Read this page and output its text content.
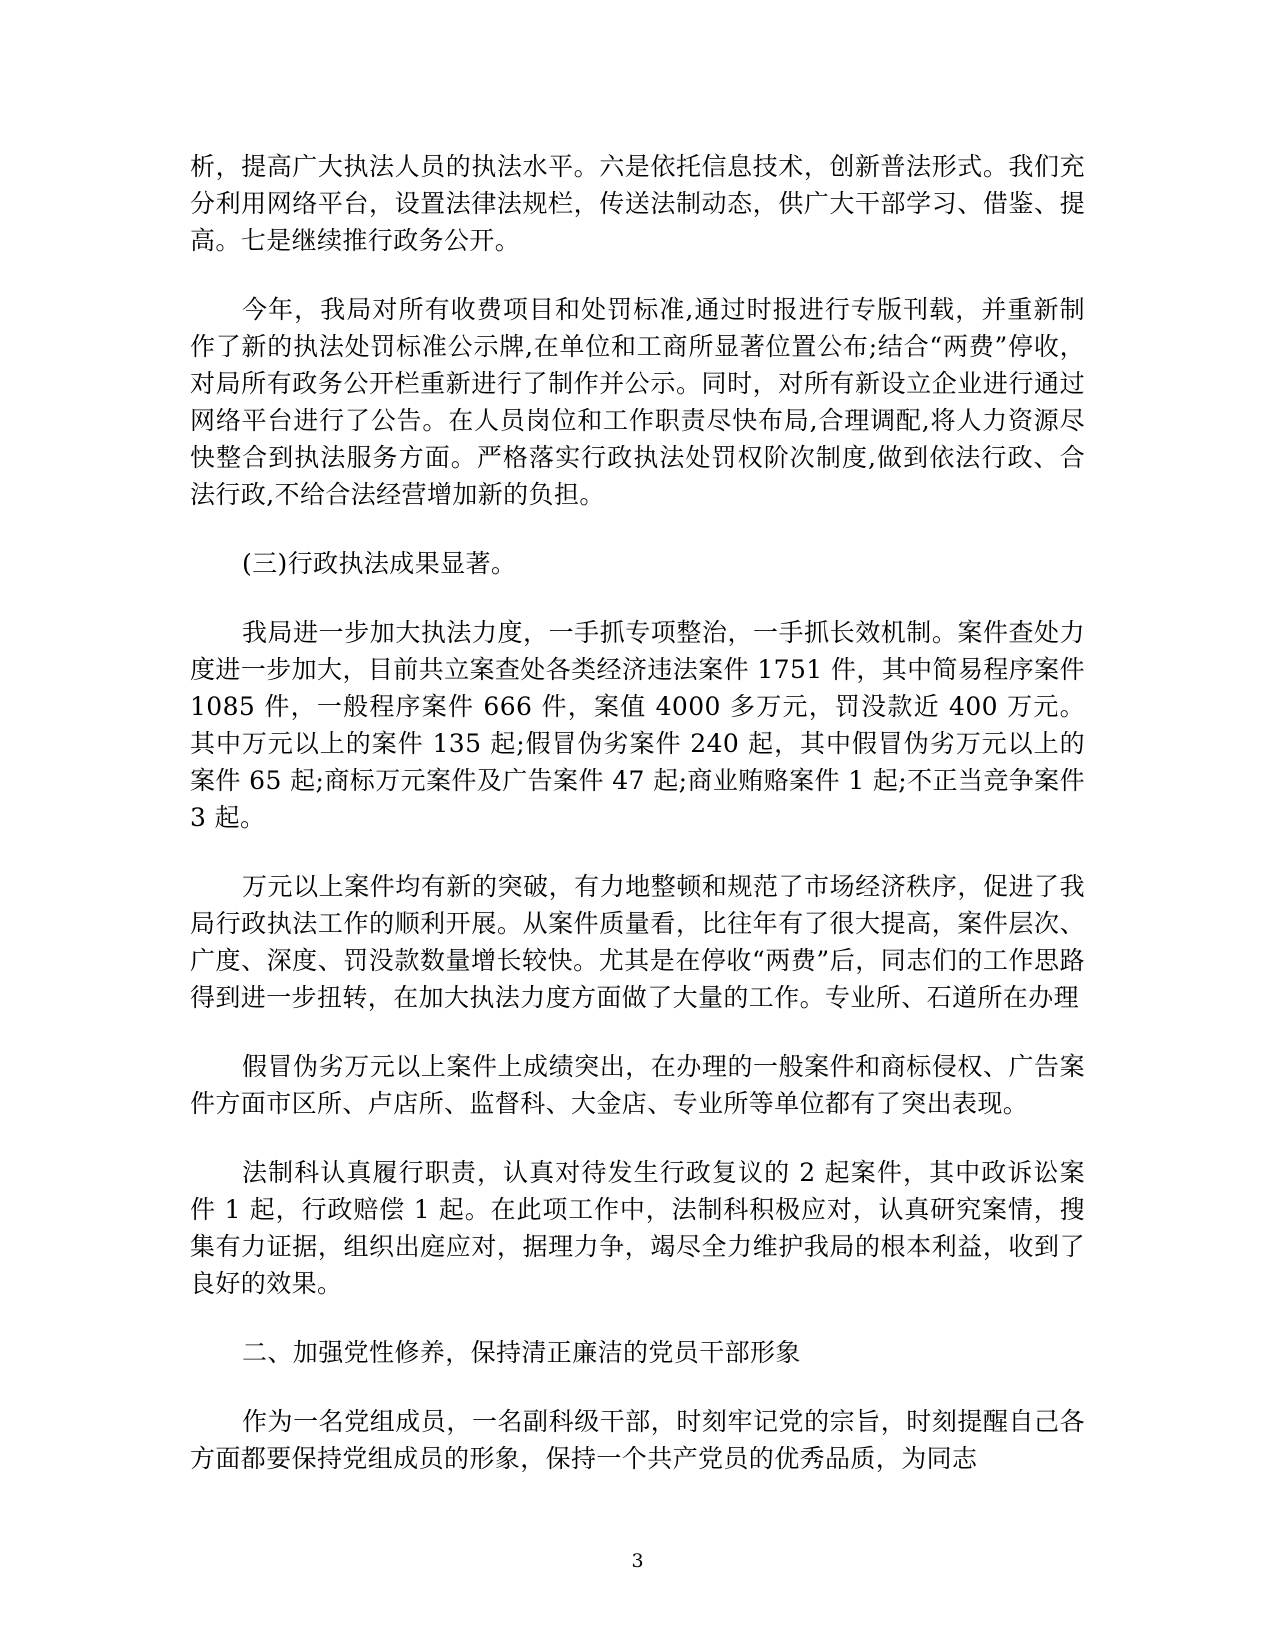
析，提高广大执法人员的执法水平。六是依托信息技术，创新普法形式。我们充分利用网络平台，设置法律法规栏，传送法制动态，供广大干部学习、借鉴、提高。七是继续推行政务公开。

今年，我局对所有收费项目和处罚标准,通过时报进行专版刊载，并重新制作了新的执法处罚标准公示牌,在单位和工商所显著位置公布;结合“两费”停收，对局所有政务公开栏重新进行了制作并公示。同时，对所有新设立企业进行通过网络平台进行了公告。在人员岗位和工作职责尽快布局,合理调配,将人力资源尽快整合到执法服务方面。严格落实行政执法处罚权阶次制度,做到依法行政、合法行政,不给合法经营增加新的负担。

(三)行政执法成果显著。

我局进一步加大执法力度，一手抓专项整治，一手抓长效机制。案件查处力度进一步加大，目前共立案查处各类经济违法案件 1751 件，其中简易程序案件 1085 件，一般程序案件 666 件，案值 4000 多万元，罚没款近 400 万元。其中万元以上的案件 135 起;假冒伪劣案件 240 起，其中假冒伪劣万元以上的案件 65 起;商标万元案件及广告案件 47 起;商业贿赂案件 1 起;不正当竞争案件 3 起。

万元以上案件均有新的突破，有力地整顿和规范了市场经济秩序，促进了我局行政执法工作的顺利开展。从案件质量看，比往年有了很大提高，案件层次、广度、深度、罚没款数量增长较快。尤其是在停收“两费”后，同志们的工作思路得到进一步扭转，在加大执法力度方面做了大量的工作。专业所、石道所在办理

假冒伪劣万元以上案件上成绩突出，在办理的一般案件和商标侵权、广告案件方面市区所、卢店所、监督科、大金店、专业所等单位都有了突出表现。

法制科认真履行职责，认真对待发生行政复议的 2 起案件，其中政诉讼案件 1 起，行政赔偿 1 起。在此项工作中，法制科积极应对，认真研究案情，搜集有力证据，组织出庭应对，据理力争，竭尽全力维护我局的根本利益，收到了良好的效果。

二、加强党性修养，保持清正廉洁的党员干部形象

作为一名党组成员，一名副科级干部，时刻牢记党的宗旨，时刻提醒自己各方面都要保持党组成员的形象，保持一个共产党员的优秀品质，为同志

3
